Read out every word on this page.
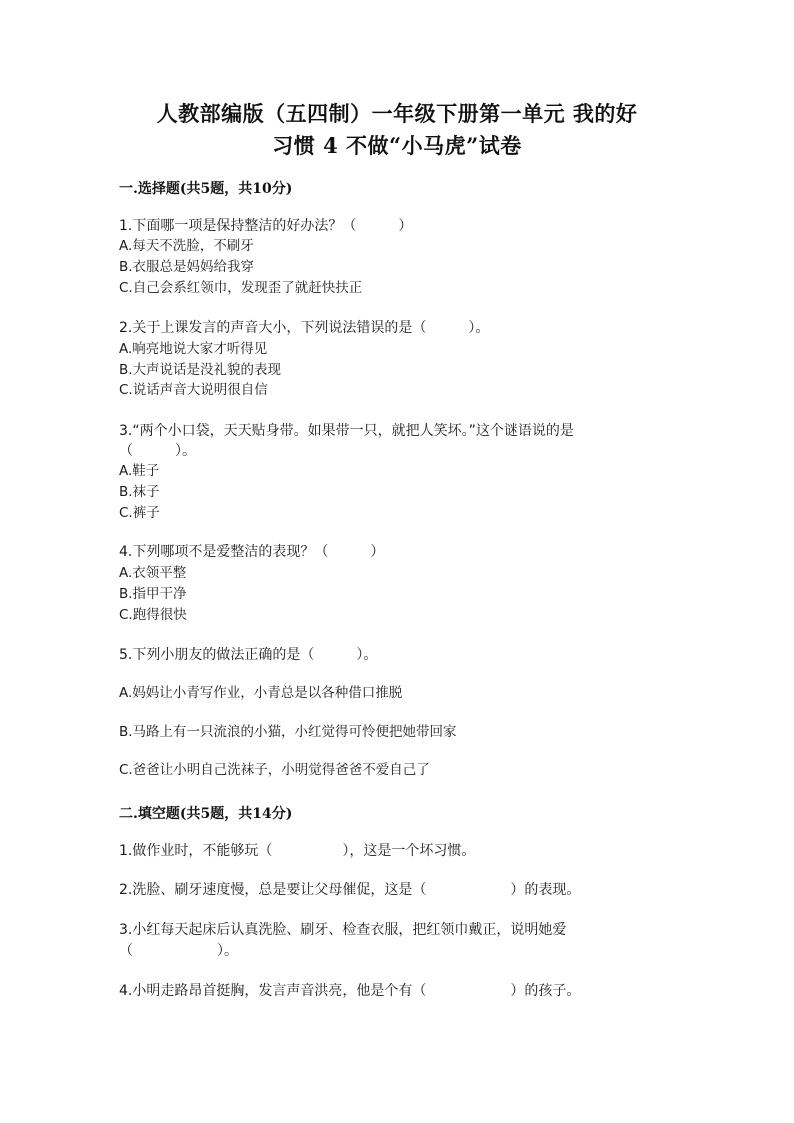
人教部编版（五四制）一年级下册第一单元 我的好
习惯 4 不做“小马虎”试卷
一.选择题(共5题，共10分)
1.下面哪一项是保持整洁的好办法？（　　　）
A.每天不洗脸，不刷牙
B.衣服总是妈妈给我穿
C.自己会系红领巾，发现歪了就赶快扶正
2.关于上课发言的声音大小，下列说法错误的是（　　　）。
A.响亮地说大家才听得见
B.大声说话是没礼貌的表现
C.说话声音大说明很自信
3.“两个小口袋，天天贴身带。如果带一只，就把人笑坏。”这个谜语说的是
（　　　）。
A.鞋子
B.袜子
C.裤子
4.下列哪项不是爱整洁的表现？（　　　）
A.衣领平整
B.指甲干净
C.跑得很快
5.下列小朋友的做法正确的是（　　　）。
A.妈妈让小青写作业，小青总是以各种借口推脱
B.马路上有一只流浪的小猫，小红觉得可怜便把她带回家
C.爸爸让小明自己洗袜子，小明觉得爸爸不爱自己了
二.填空题(共5题，共14分)
1.做作业时，不能够玩（　　　　　），这是一个坏习惯。
2.洗脸、刷牙速度慢，总是要让父母催促，这是（　　　　　　）的表现。
3.小红每天起床后认真洗脸、刷牙、检查衣服，把红领巾戴正，说明她爱
（　　　　　　）。
4.小明走路昂首挺胸，发言声音洪亮，他是个有（　　　　　　）的孩子。
